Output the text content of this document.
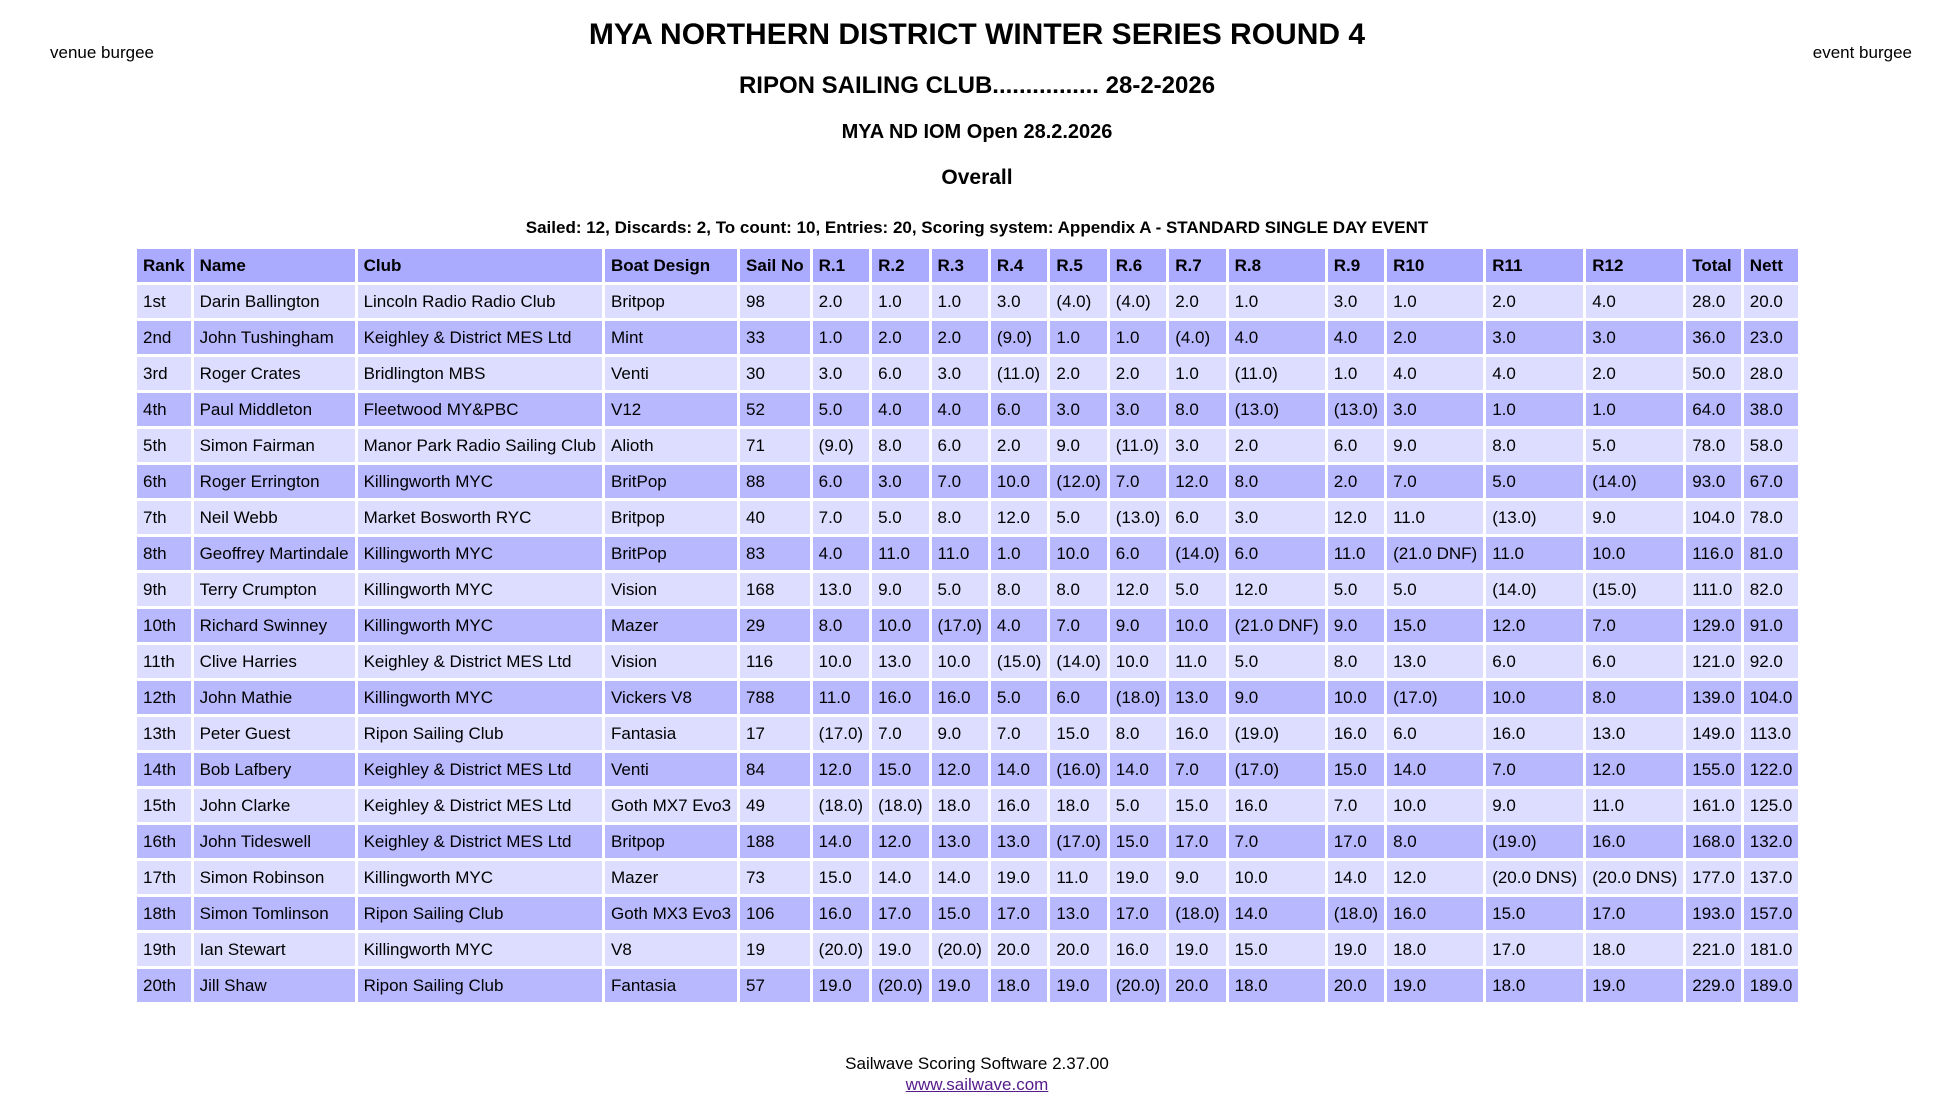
venue burgee	event burgee
MYA NORTHERN DISTRICT WINTER SERIES ROUND 4
RIPON SAILING CLUB................ 28-2-2026
MYA ND IOM Open 28.2.2026
Overall
Sailed: 12, Discards: 2, To count: 10, Entries: 20, Scoring system: Appendix A - STANDARD SINGLE DAY EVENT
Rank	Name	Club	Boat Design	Sail No	R.1	R.2	R.3	R.4	R.5	R.6	R.7	R.8	R.9	R10	R11	R12	Total	Nett
1st	Darin Ballington	Lincoln Radio Radio Club	Britpop	98	2.0	1.0	1.0	3.0	(4.0)	(4.0)	2.0	1.0	3.0	1.0	2.0	4.0	28.0	20.0
2nd	John Tushingham	Keighley & District MES Ltd	Mint	33	1.0	2.0	2.0	(9.0)	1.0	1.0	(4.0)	4.0	4.0	2.0	3.0	3.0	36.0	23.0
3rd	Roger Crates	Bridlington MBS	Venti	30	3.0	6.0	3.0	(11.0)	2.0	2.0	1.0	(11.0)	1.0	4.0	4.0	2.0	50.0	28.0
4th	Paul Middleton	Fleetwood MY&PBC	V12	52	5.0	4.0	4.0	6.0	3.0	3.0	8.0	(13.0)	(13.0)	3.0	1.0	1.0	64.0	38.0
5th	Simon Fairman	Manor Park Radio Sailing Club	Alioth	71	(9.0)	8.0	6.0	2.0	9.0	(11.0)	3.0	2.0	6.0	9.0	8.0	5.0	78.0	58.0
6th	Roger Errington	Killingworth MYC	BritPop	88	6.0	3.0	7.0	10.0	(12.0)	7.0	12.0	8.0	2.0	7.0	5.0	(14.0)	93.0	67.0
7th	Neil Webb	Market Bosworth RYC	Britpop	40	7.0	5.0	8.0	12.0	5.0	(13.0)	6.0	3.0	12.0	11.0	(13.0)	9.0	104.0	78.0
8th	Geoffrey Martindale	Killingworth MYC	BritPop	83	4.0	11.0	11.0	1.0	10.0	6.0	(14.0)	6.0	11.0	(21.0 DNF)	11.0	10.0	116.0	81.0
9th	Terry Crumpton	Killingworth MYC	Vision	168	13.0	9.0	5.0	8.0	8.0	12.0	5.0	12.0	5.0	5.0	(14.0)	(15.0)	111.0	82.0
10th	Richard Swinney	Killingworth MYC	Mazer	29	8.0	10.0	(17.0)	4.0	7.0	9.0	10.0	(21.0 DNF)	9.0	15.0	12.0	7.0	129.0	91.0
11th	Clive Harries	Keighley & District MES Ltd	Vision	116	10.0	13.0	10.0	(15.0)	(14.0)	10.0	11.0	5.0	8.0	13.0	6.0	6.0	121.0	92.0
12th	John Mathie	Killingworth MYC	Vickers V8	788	11.0	16.0	16.0	5.0	6.0	(18.0)	13.0	9.0	10.0	(17.0)	10.0	8.0	139.0	104.0
13th	Peter Guest	Ripon Sailing Club	Fantasia	17	(17.0)	7.0	9.0	7.0	15.0	8.0	16.0	(19.0)	16.0	6.0	16.0	13.0	149.0	113.0
14th	Bob Lafbery	Keighley & District MES Ltd	Venti	84	12.0	15.0	12.0	14.0	(16.0)	14.0	7.0	(17.0)	15.0	14.0	7.0	12.0	155.0	122.0
15th	John Clarke	Keighley & District MES Ltd	Goth MX7 Evo3	49	(18.0)	(18.0)	18.0	16.0	18.0	5.0	15.0	16.0	7.0	10.0	9.0	11.0	161.0	125.0
16th	John Tideswell	Keighley & District MES Ltd	Britpop	188	14.0	12.0	13.0	13.0	(17.0)	15.0	17.0	7.0	17.0	8.0	(19.0)	16.0	168.0	132.0
17th	Simon Robinson	Killingworth MYC	Mazer	73	15.0	14.0	14.0	19.0	11.0	19.0	9.0	10.0	14.0	12.0	(20.0 DNS)	(20.0 DNS)	177.0	137.0
18th	Simon Tomlinson	Ripon Sailing Club	Goth MX3 Evo3	106	16.0	17.0	15.0	17.0	13.0	17.0	(18.0)	14.0	(18.0)	16.0	15.0	17.0	193.0	157.0
19th	Ian Stewart	Killingworth MYC	V8	19	(20.0)	19.0	(20.0)	20.0	20.0	16.0	19.0	15.0	19.0	18.0	17.0	18.0	221.0	181.0
20th	Jill Shaw	Ripon Sailing Club	Fantasia	57	19.0	(20.0)	19.0	18.0	19.0	(20.0)	20.0	18.0	20.0	19.0	18.0	19.0	229.0	189.0
Sailwave Scoring Software 2.37.00
www.sailwave.com
